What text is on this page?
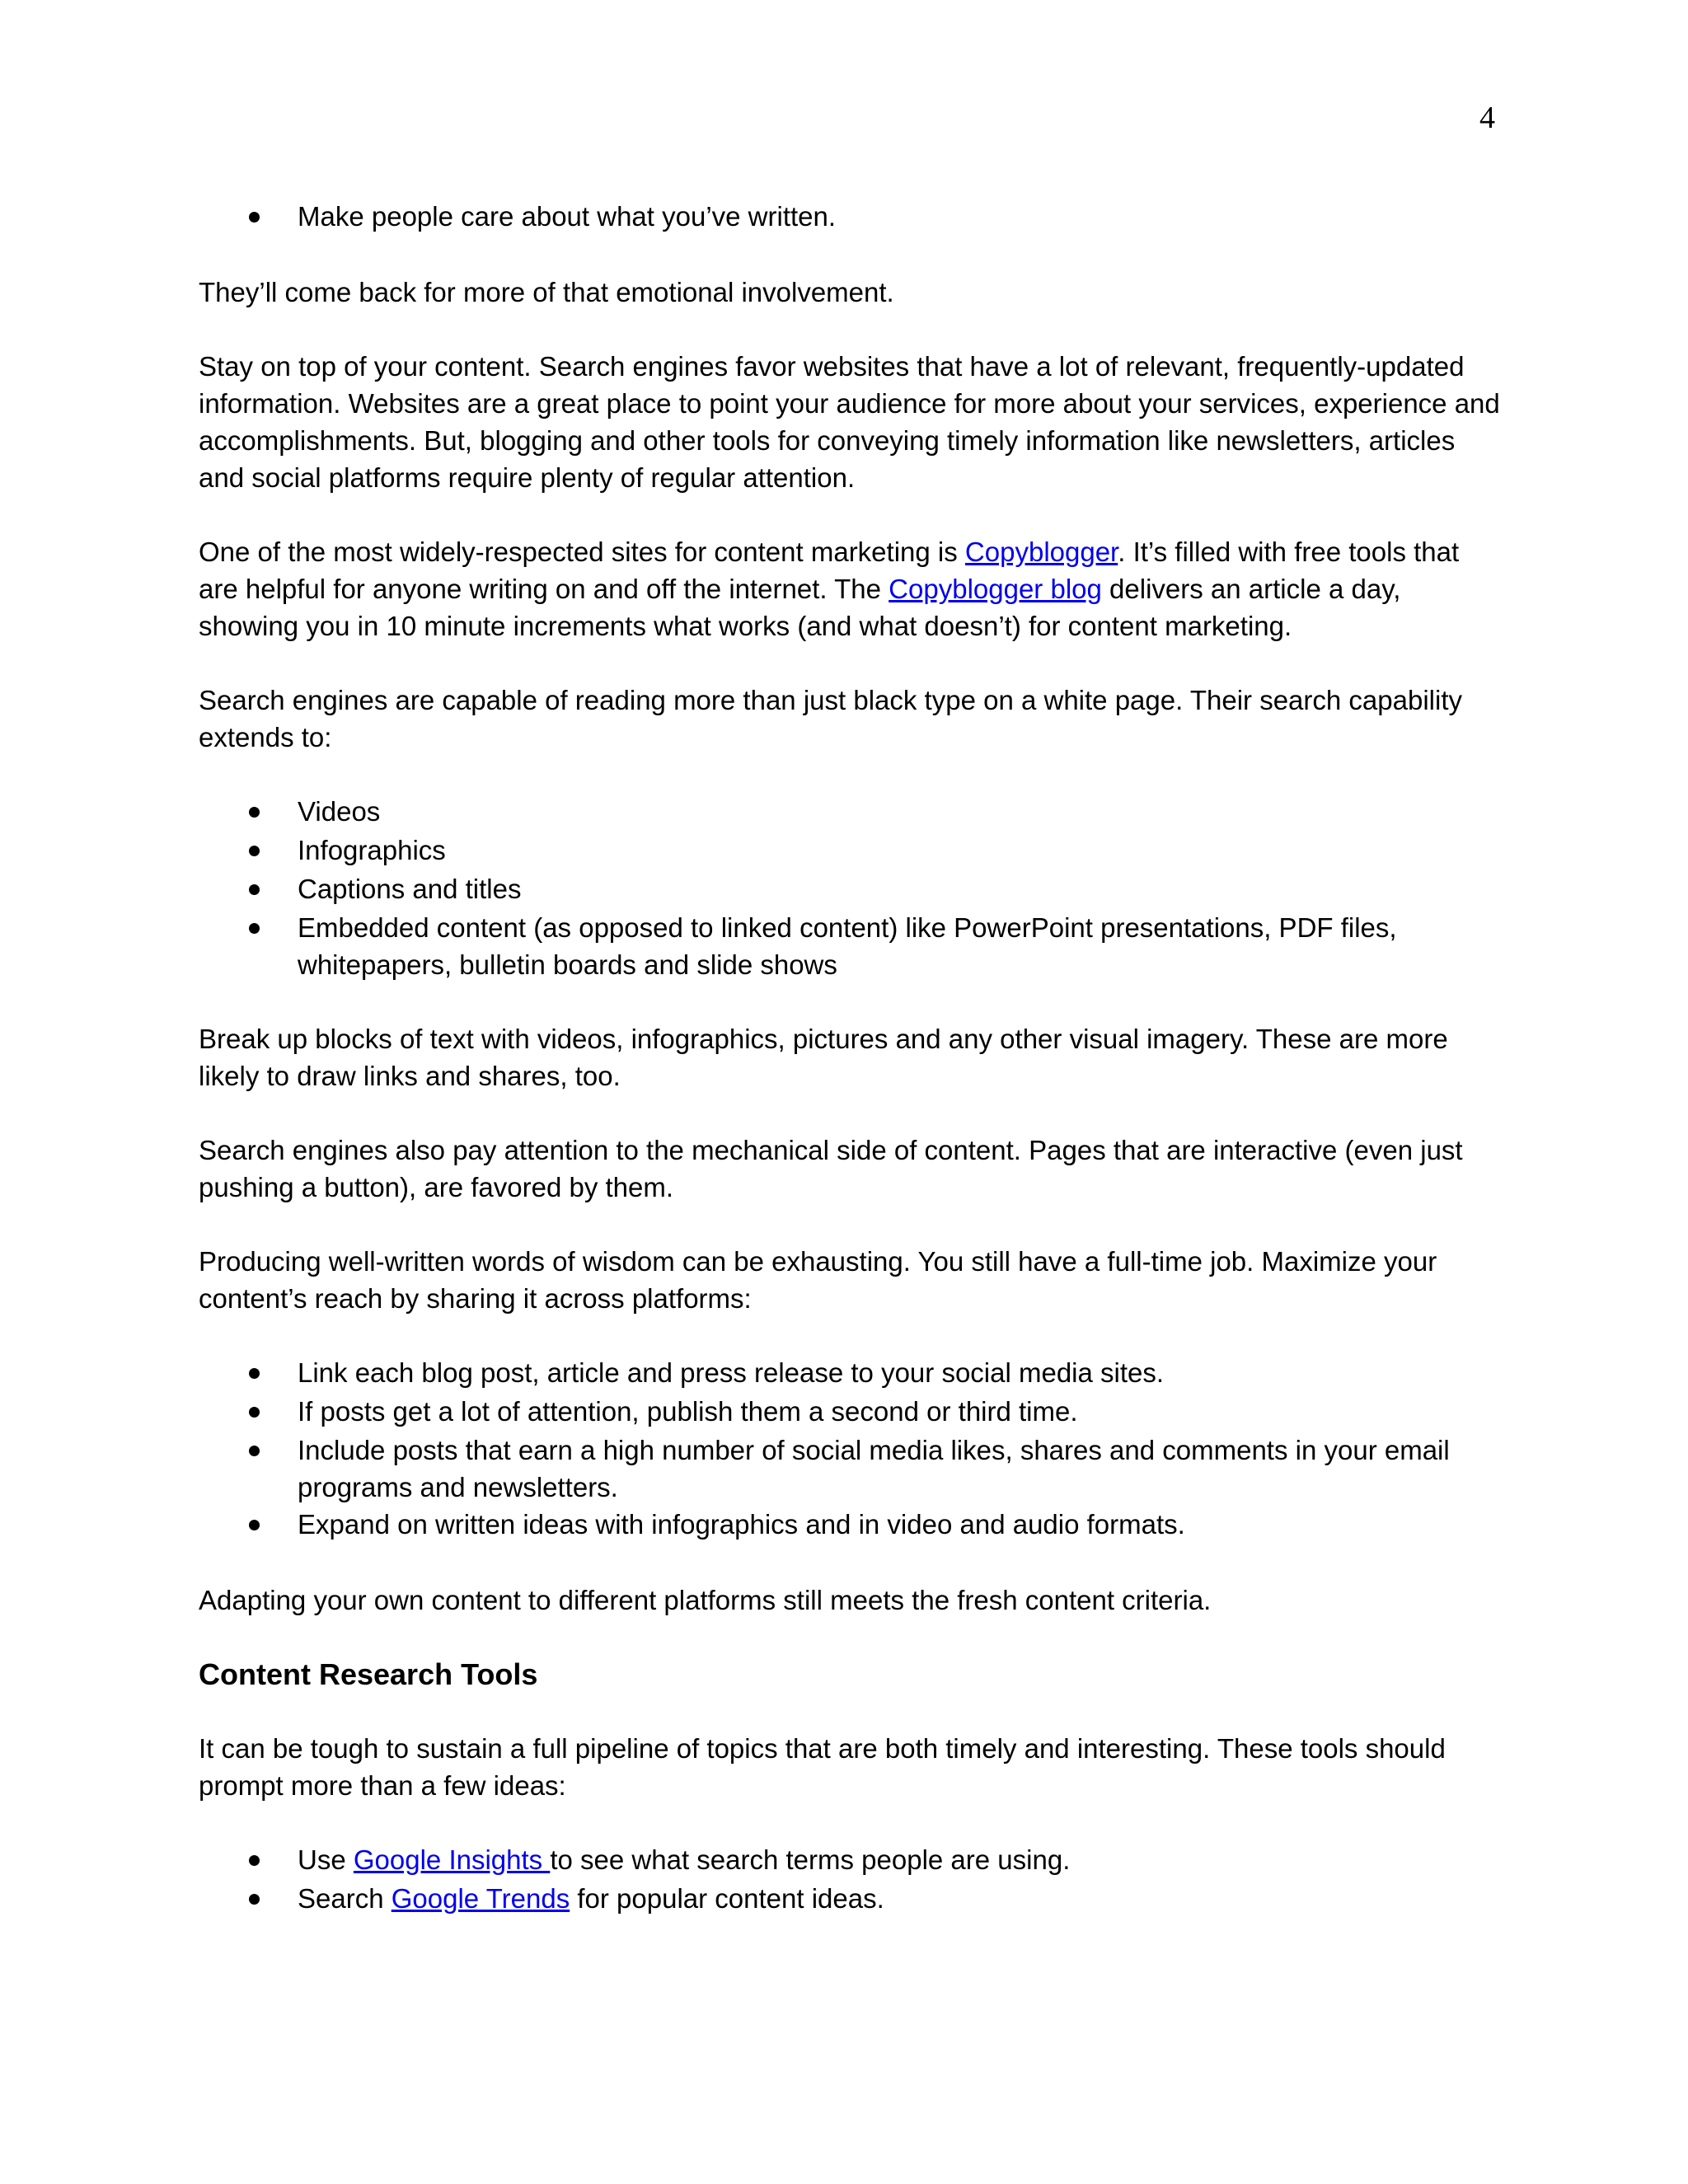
4
Make people care about what you’ve written.

They’ll come back for more of that emotional involvement.

Stay on top of your content. Search engines favor websites that have a lot of relevant, frequently-updated information. Websites are a great place to point your audience for more about your services, experience and accomplishments. But, blogging and other tools for conveying timely information like newsletters, articles and social platforms require plenty of regular attention.

One of the most widely-respected sites for content marketing is Copyblogger. It’s filled with free tools that are helpful for anyone writing on and off the internet. The Copyblogger blog delivers an article a day, showing you in 10 minute increments what works (and what doesn’t) for content marketing.

Search engines are capable of reading more than just black type on a white page. Their search capability extends to:

Videos
Infographics
Captions and titles
Embedded content (as opposed to linked content) like PowerPoint presentations, PDF files, whitepapers, bulletin boards and slide shows

Break up blocks of text with videos, infographics, pictures and any other visual imagery. These are more likely to draw links and shares, too.

Search engines also pay attention to the mechanical side of content. Pages that are interactive (even just pushing a button), are favored by them.

Producing well-written words of wisdom can be exhausting. You still have a full-time job. Maximize your content’s reach by sharing it across platforms:

Link each blog post, article and press release to your social media sites.
If posts get a lot of attention, publish them a second or third time.
Include posts that earn a high number of social media likes, shares and comments in your email programs and newsletters.
Expand on written ideas with infographics and in video and audio formats.

Adapting your own content to different platforms still meets the fresh content criteria.

Content Research Tools

It can be tough to sustain a full pipeline of topics that are both timely and interesting. These tools should prompt more than a few ideas:

Use Google Insights to see what search terms people are using.
Search Google Trends for popular content ideas.
